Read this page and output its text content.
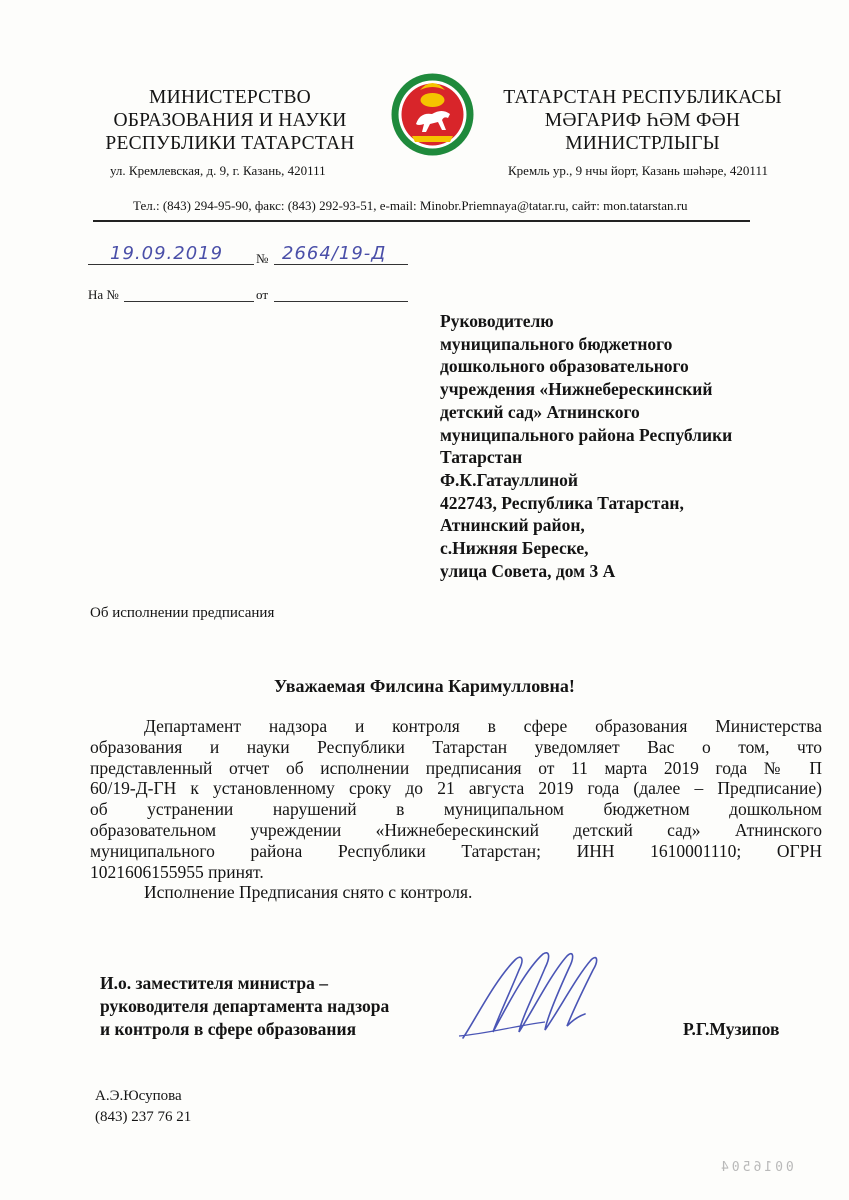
МИНИСТЕРСТВО
ОБРАЗОВАНИЯ И НАУКИ
РЕСПУБЛИКИ ТАТАРСТАН
ТАТАРСТАН РЕСПУБЛИКАСЫ
МӘГАРИФ ҺӘМ ФӘН
МИНИСТРЛЫГЫ
ул. Кремлевская, д. 9, г. Казань, 420111	Кремль ур., 9 нчы йорт, Казань шәһәре, 420111
Тел.: (843) 294-95-90, факс: (843) 292-93-51, e-mail: Minobr.Priemnaya@tatar.ru, сайт: mon.tatarstan.ru
19.09.2019	№ 2664/19-Д
На №	от
Руководителю
муниципального бюджетного
дошкольного образовательного
учреждения «Нижнеберескинский
детский сад» Атнинского
муниципального района Республики
Татарстан
Ф.К.Гатауллиной
422743, Республика Татарстан,
Атнинский район,
с.Нижняя Береске,
улица Совета, дом 3 А
Об исполнении предписания
Уважаемая Филсина Каримулловна!
Департамент надзора и контроля в сфере образования Министерства
образования и науки Республики Татарстан уведомляет Вас о том, что
представленный отчет об исполнении предписания от 11 марта 2019 года № П
60/19-Д-ГН к установленному сроку до 21 августа 2019 года (далее – Предписание)
об устранении нарушений в муниципальном бюджетном дошкольном
образовательном учреждении «Нижнеберескинский детский сад» Атнинского
муниципального района Республики Татарстан; ИНН 1610001110; ОГРН
1021606155955 принят.
Исполнение Предписания снято с контроля.
И.о. заместителя министра –
руководителя департамента надзора
и контроля в сфере образования	Р.Г.Музипов
А.Э.Юсупова
(843) 237 76 21
0016504
